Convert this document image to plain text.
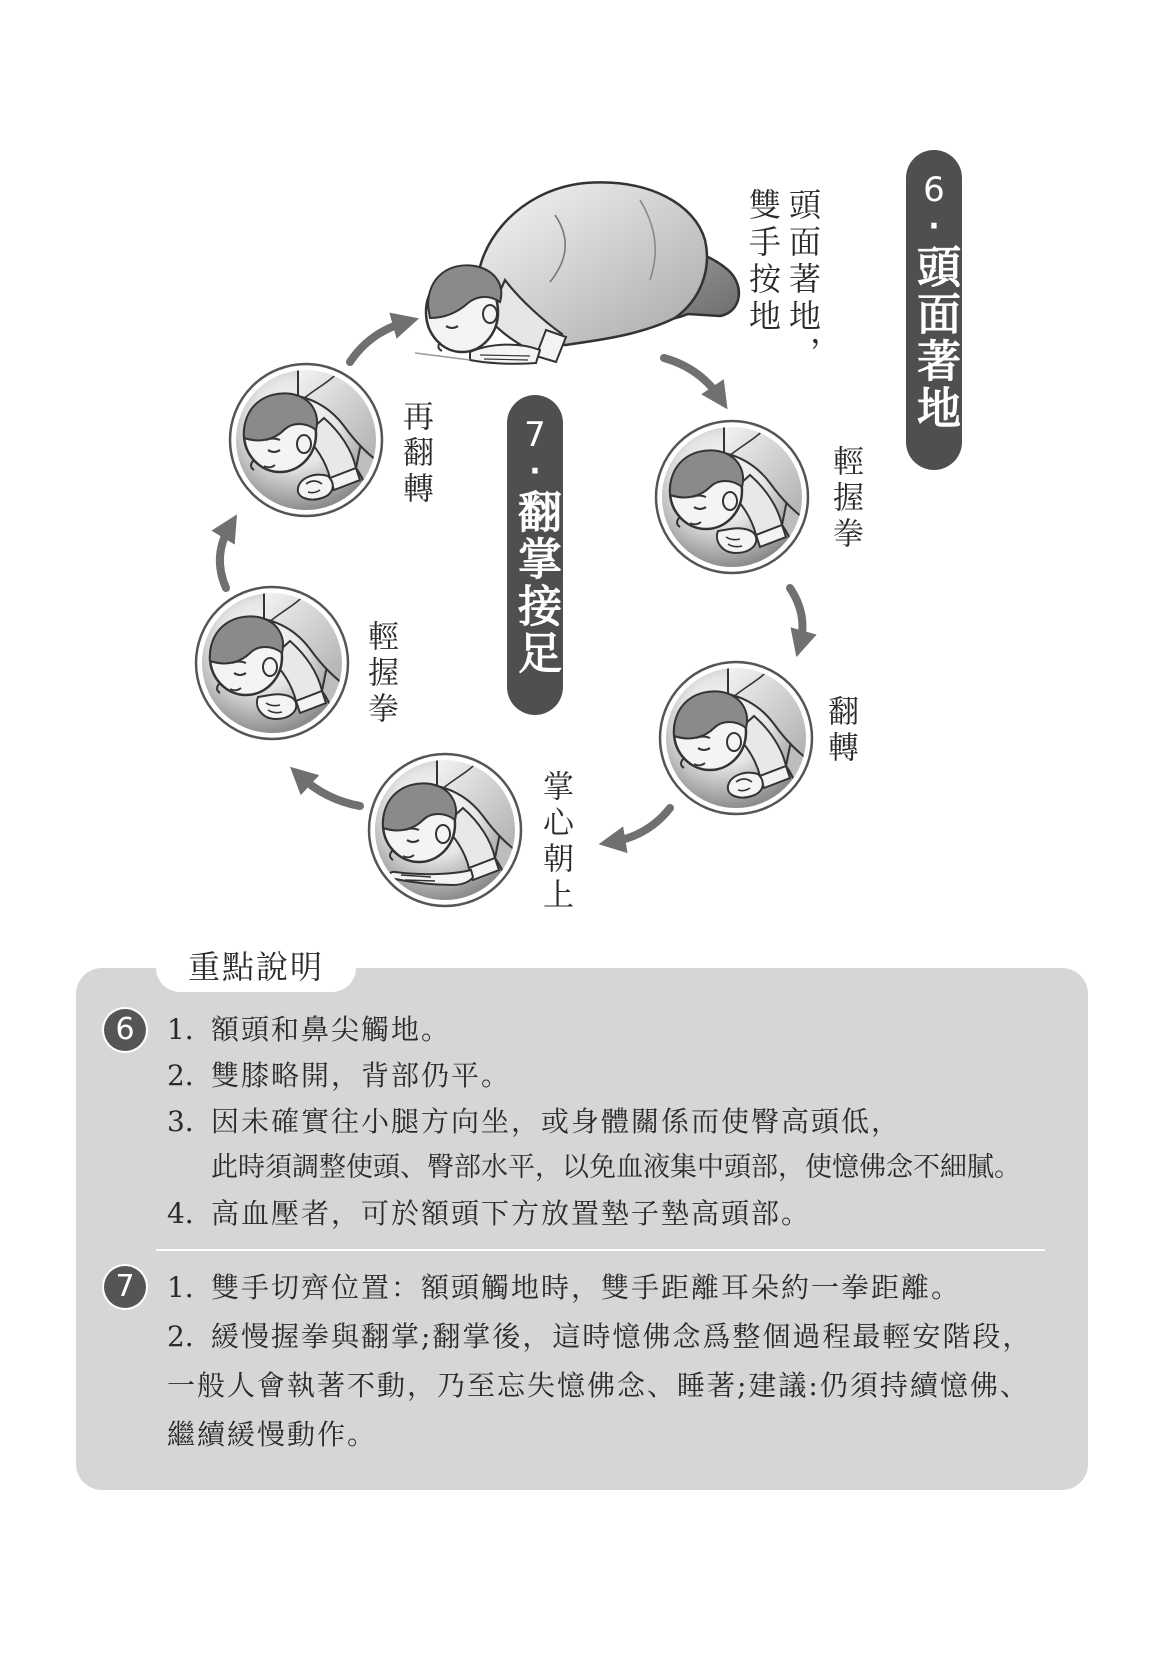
6
·
頭面著地
頭面著地，
雙手按地
7
·
翻掌接足	輕握拳
翻轉
掌心朝上
輕握拳
再翻轉
重點說明
6	1．
額頭和鼻尖觸地。
2．
雙膝略開，背部仍平。
3．
因未確實往小腿方向坐，或身體關係而使臀高頭低，
此時須調整使頭、臀部水平，以免血液集中頭部，使憶佛念不細膩。
4．
高血壓者，可於額頭下方放置墊子墊高頭部。
7	1．
雙手切齊位置：額頭觸地時，雙手距離耳朵約一拳距離。
2．
緩慢握拳與翻掌;翻掌後，這時憶佛念爲整個過程最輕安階段，
一般人會執著不動，乃至忘失憶佛念、睡著;建議:仍須持續憶佛、
繼續緩慢動作。
